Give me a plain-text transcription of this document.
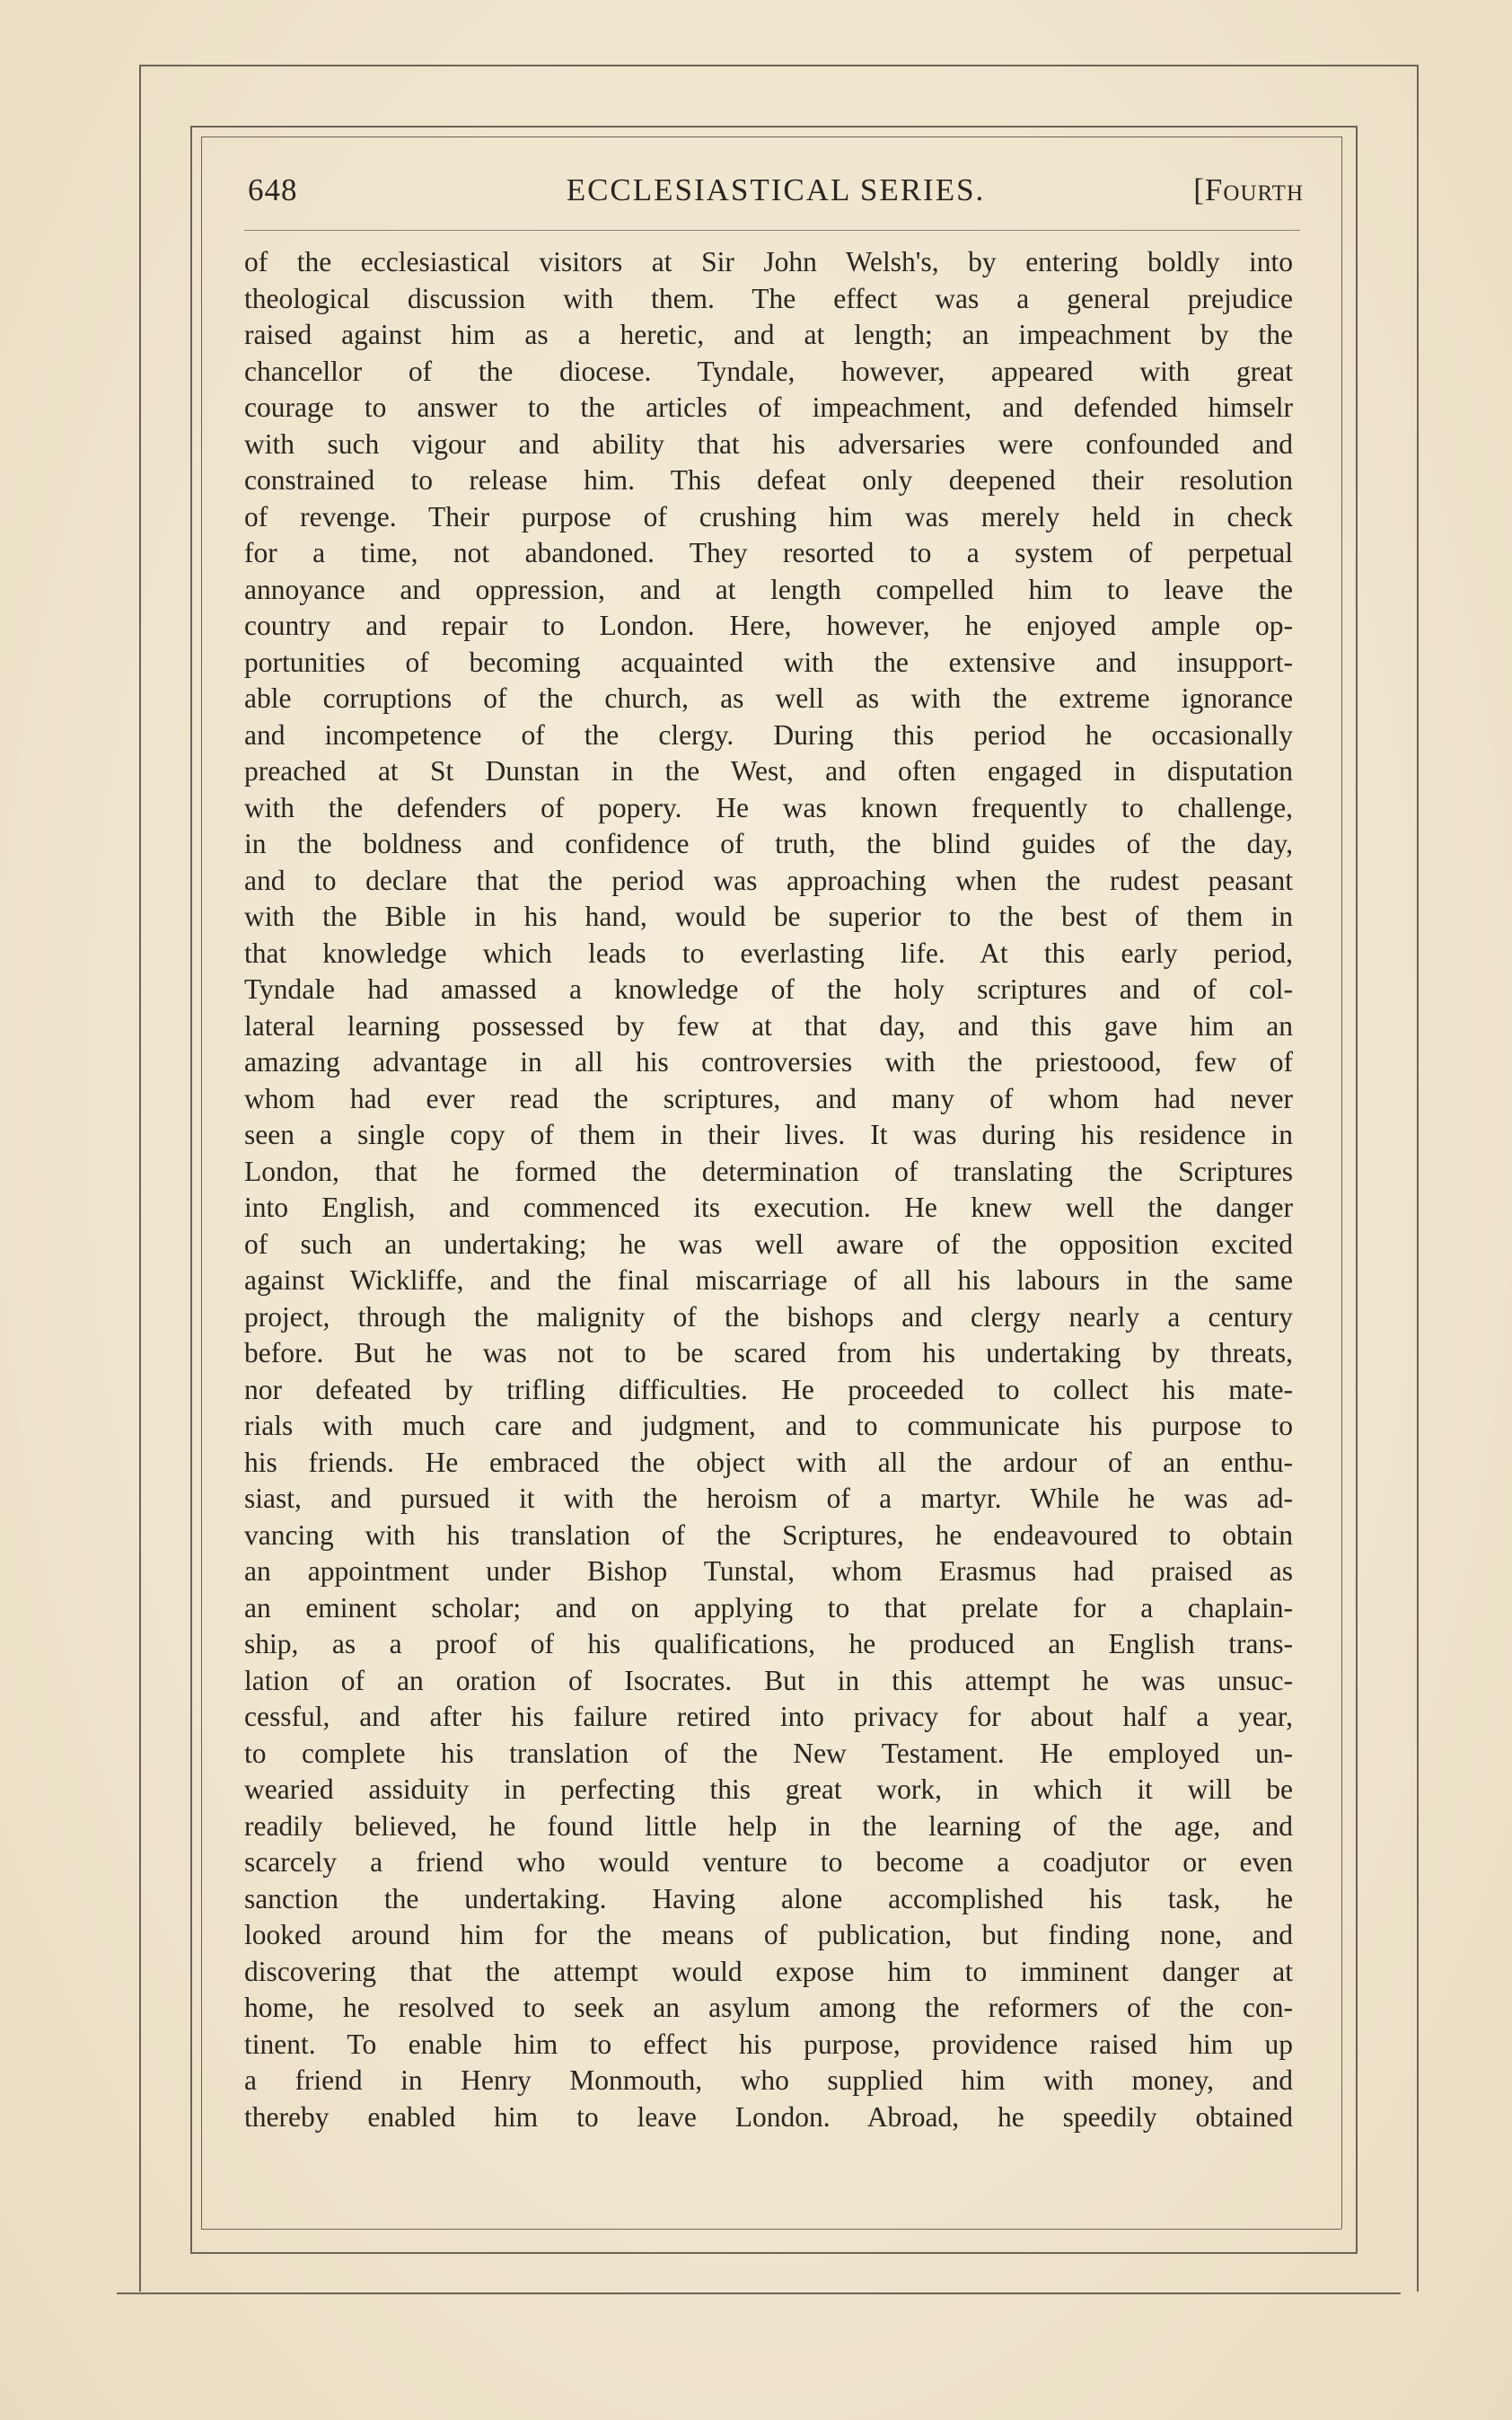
648	ECCLESIASTICAL SERIES.	[Fourth
of the ecclesiastical visitors at Sir John Welsh's, by entering boldly into
theological discussion with them. The effect was a general prejudice
raised against him as a heretic, and at length; an impeachment by the
chancellor of the diocese. Tyndale, however, appeared with great
courage to answer to the articles of impeachment, and defended himselr
with such vigour and ability that his adversaries were confounded and
constrained to release him. This defeat only deepened their resolution
of revenge. Their purpose of crushing him was merely held in check
for a time, not abandoned. They resorted to a system of perpetual
annoyance and oppression, and at length compelled him to leave the
country and repair to London. Here, however, he enjoyed ample op-
portunities of becoming acquainted with the extensive and insupport-
able corruptions of the church, as well as with the extreme ignorance
and incompetence of the clergy. During this period he occasionally
preached at St Dunstan in the West, and often engaged in disputation
with the defenders of popery. He was known frequently to challenge,
in the boldness and confidence of truth, the blind guides of the day,
and to declare that the period was approaching when the rudest peasant
with the Bible in his hand, would be superior to the best of them in
that knowledge which leads to everlasting life. At this early period,
Tyndale had amassed a knowledge of the holy scriptures and of col-
lateral learning possessed by few at that day, and this gave him an
amazing advantage in all his controversies with the priestoood, few of
whom had ever read the scriptures, and many of whom had never
seen a single copy of them in their lives. It was during his residence in
London, that he formed the determination of translating the Scriptures
into English, and commenced its execution. He knew well the danger
of such an undertaking; he was well aware of the opposition excited
against Wickliffe, and the final miscarriage of all his labours in the same
project, through the malignity of the bishops and clergy nearly a century
before. But he was not to be scared from his undertaking by threats,
nor defeated by trifling difficulties. He proceeded to collect his mate-
rials with much care and judgment, and to communicate his purpose to
his friends. He embraced the object with all the ardour of an enthu-
siast, and pursued it with the heroism of a martyr. While he was ad-
vancing with his translation of the Scriptures, he endeavoured to obtain
an appointment under Bishop Tunstal, whom Erasmus had praised as
an eminent scholar; and on applying to that prelate for a chaplain-
ship, as a proof of his qualifications, he produced an English trans-
lation of an oration of Isocrates. But in this attempt he was unsuc-
cessful, and after his failure retired into privacy for about half a year,
to complete his translation of the New Testament. He employed un-
wearied assiduity in perfecting this great work, in which it will be
readily believed, he found little help in the learning of the age, and
scarcely a friend who would venture to become a coadjutor or even
sanction the undertaking. Having alone accomplished his task, he
looked around him for the means of publication, but finding none, and
discovering that the attempt would expose him to imminent danger at
home, he resolved to seek an asylum among the reformers of the con-
tinent. To enable him to effect his purpose, providence raised him up
a friend in Henry Monmouth, who supplied him with money, and
thereby enabled him to leave London. Abroad, he speedily obtained
